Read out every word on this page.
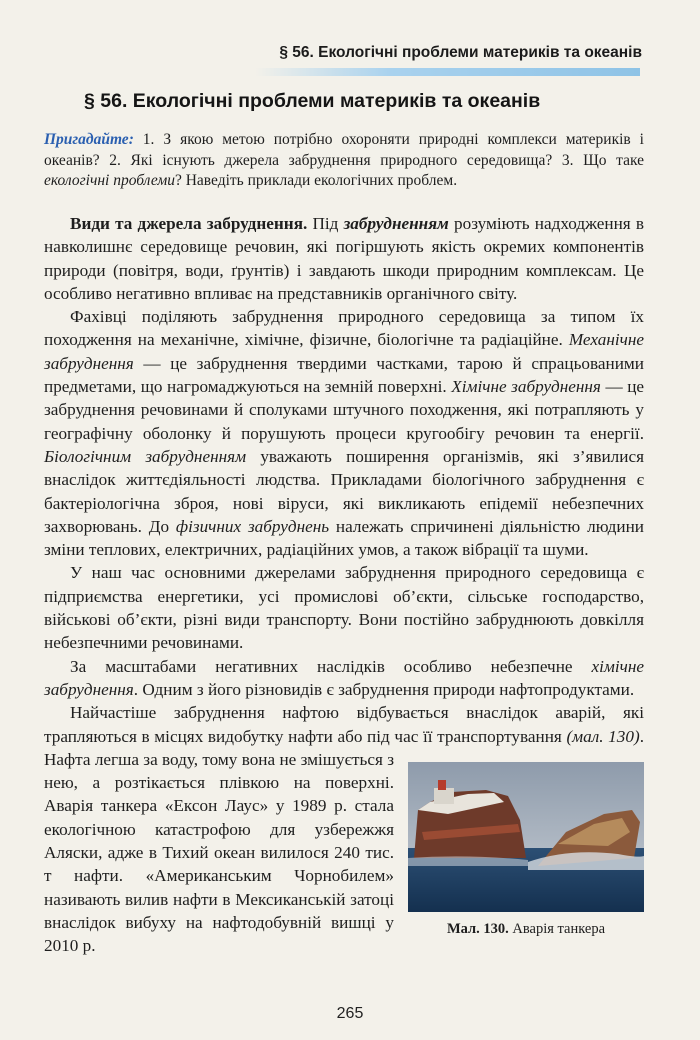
§ 56. Екологічні проблеми материків та океанів
§ 56. Екологічні проблеми материків та океанів
Пригадайте: 1. З якою метою потрібно охороняти природні комплекси материків і океанів? 2. Які існують джерела забруднення природного середовища? 3. Що таке екологічні проблеми? Наведіть приклади екологічних проблем.

Види та джерела забруднення. Під забрудненням розуміють надходження в навколишнє середовище речовин, які погіршують якість окремих компонентів природи (повітря, води, ґрунтів) і завдають шкоди природним комплексам. Це особливо негативно впливає на представників органічного світу.

Фахівці поділяють забруднення природного середовища за типом їх походження на механічне, хімічне, фізичне, біологічне та радіаційне. Механічне забруднення — це забруднення твердими частками, тарою й спрацьованими предметами, що нагромаджуються на земній поверхні. Хімічне забруднення — це забруднення речовинами й сполуками штучного походження, які потрапляють у географічну оболонку й порушують процеси кругообігу речовин та енергії. Біологічним забрудненням уважають поширення організмів, які з’явилися внаслідок життєдіяльності людства. Прикладами біологічного забруднення є бактеріологічна зброя, нові віруси, які викликають епідемії небезпечних захворювань. До фізичних забруднень належать спричинені діяльністю людини зміни теплових, електричних, радіаційних умов, а також вібрації та шуми.

У наш час основними джерелами забруднення природного середовища є підприємства енергетики, усі промислові об’єкти, сільське господарство, військові об’єкти, різні види транспорту. Вони постійно забруднюють довкілля небезпечними речовинами.

За масштабами негативних наслідків особливо небезпечне хімічне забруднення. Одним з його різновидів є забруднення природи нафтопродуктами.

Найчастіше забруднення нафтою відбувається внаслідок аварій, які трапляються в місцях видобутку нафти або під час її транспортування (мал. 130)
Мал. 130. Аварія танкера
. Нафта легша за воду, тому вона не змішується з нею, а розтікається плівкою на поверхні. Аварія танкера «Ексон Лаус» у 1989 р. стала екологічною катастрофою для узбережжя Аляски, адже в Тихий океан вилилося 240 тис. т нафти. «Американським Чорнобилем» називають вилив нафти в Мексиканській затоці внаслідок вибуху на нафтодобувній вишці у 2010 р.

265
